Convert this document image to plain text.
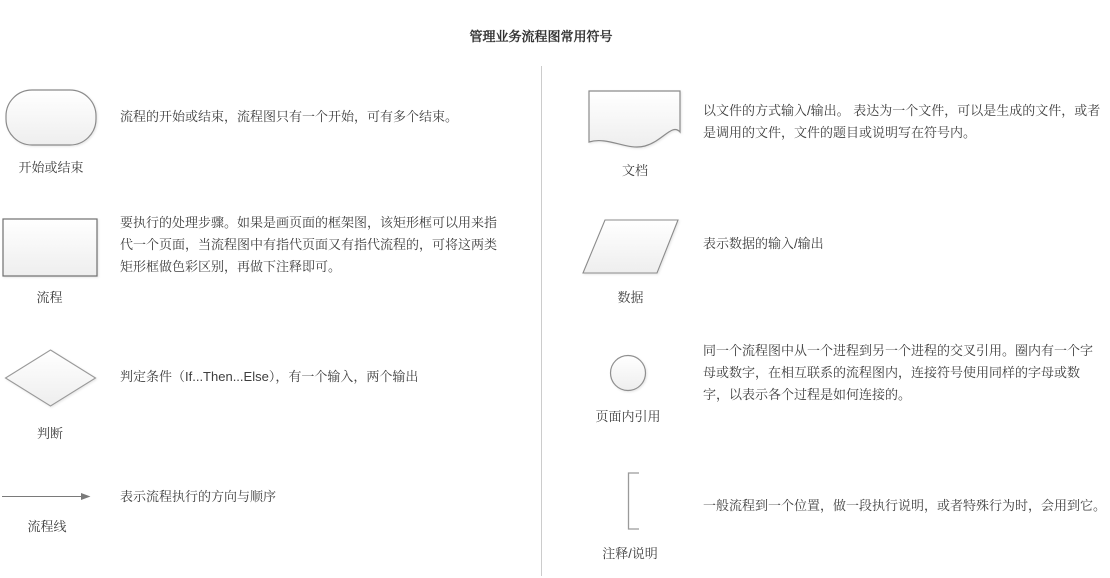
管理业务流程图常用符号
开始或结束
流程的开始或结束，流程图只有一个开始，可有多个结束。
流程
要执行的处理步骤。如果是画页面的框架图，该矩形框可以用来指代一个页面，当流程图中有指代页面又有指代流程的，可将这两类矩形框做色彩区别，再做下注释即可。
判断
判定条件（If...Then...Else），有一个输入，两个输出
流程线
表示流程执行的方向与顺序
文档
以文件的方式输入/输出。 表达为一个文件，可以是生成的文件，或者是调用的文件，文件的题目或说明写在符号内。
数据
表示数据的输入/输出
页面内引用
同一个流程图中从一个进程到另一个进程的交叉引用。圈内有一个字母或数字，在相互联系的流程图内，连接符号使用同样的字母或数字，以表示各个过程是如何连接的。
注释/说明
一般流程到一个位置，做一段执行说明，或者特殊行为时，会用到它。
